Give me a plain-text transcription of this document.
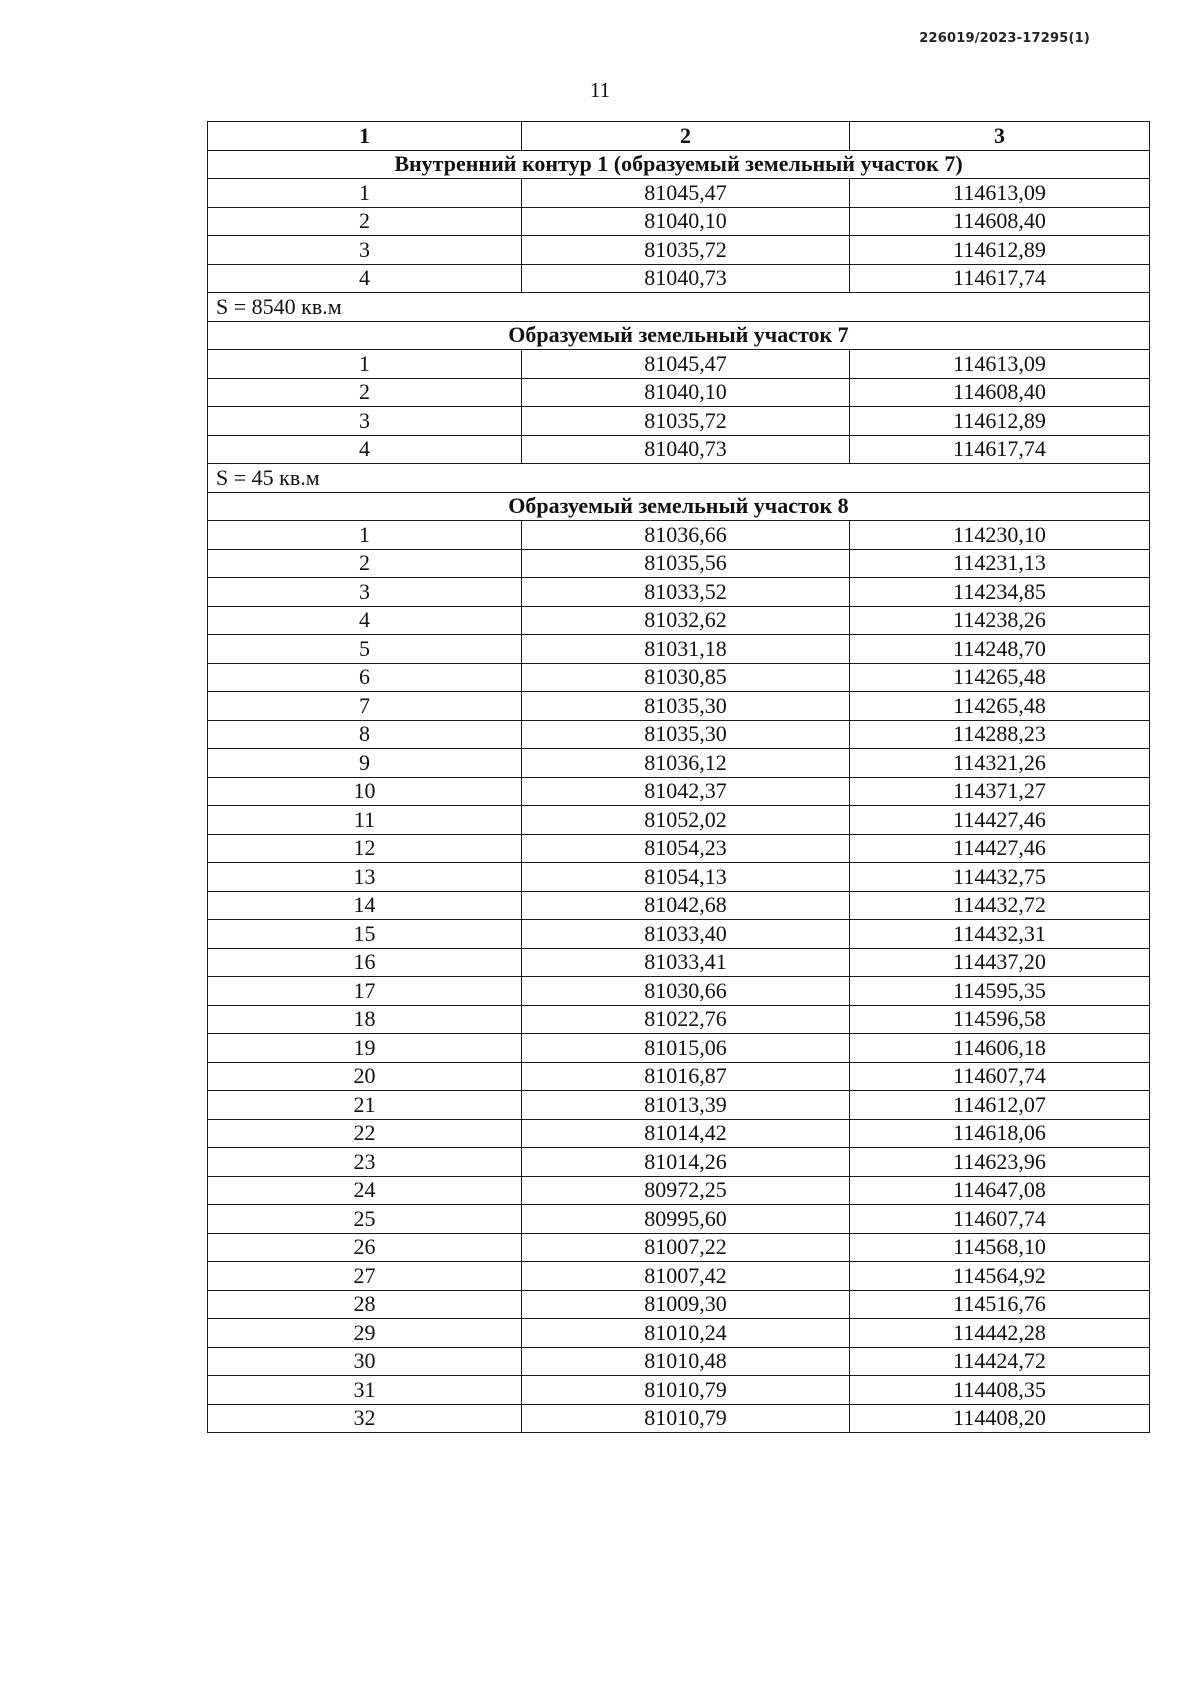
226019/2023-17295(1)
11
1	2	3
Внутренний контур 1 (образуемый земельный участок 7)		
1	81045,47	114613,09
2	81040,10	114608,40
3	81035,72	114612,89
4	81040,73	114617,74
S = 8540 кв.м		
Образуемый земельный участок 7		
1	81045,47	114613,09
2	81040,10	114608,40
3	81035,72	114612,89
4	81040,73	114617,74
S = 45 кв.м		
Образуемый земельный участок 8		
1	81036,66	114230,10
2	81035,56	114231,13
3	81033,52	114234,85
4	81032,62	114238,26
5	81031,18	114248,70
6	81030,85	114265,48
7	81035,30	114265,48
8	81035,30	114288,23
9	81036,12	114321,26
10	81042,37	114371,27
11	81052,02	114427,46
12	81054,23	114427,46
13	81054,13	114432,75
14	81042,68	114432,72
15	81033,40	114432,31
16	81033,41	114437,20
17	81030,66	114595,35
18	81022,76	114596,58
19	81015,06	114606,18
20	81016,87	114607,74
21	81013,39	114612,07
22	81014,42	114618,06
23	81014,26	114623,96
24	80972,25	114647,08
25	80995,60	114607,74
26	81007,22	114568,10
27	81007,42	114564,92
28	81009,30	114516,76
29	81010,24	114442,28
30	81010,48	114424,72
31	81010,79	114408,35
32	81010,79	114408,20
